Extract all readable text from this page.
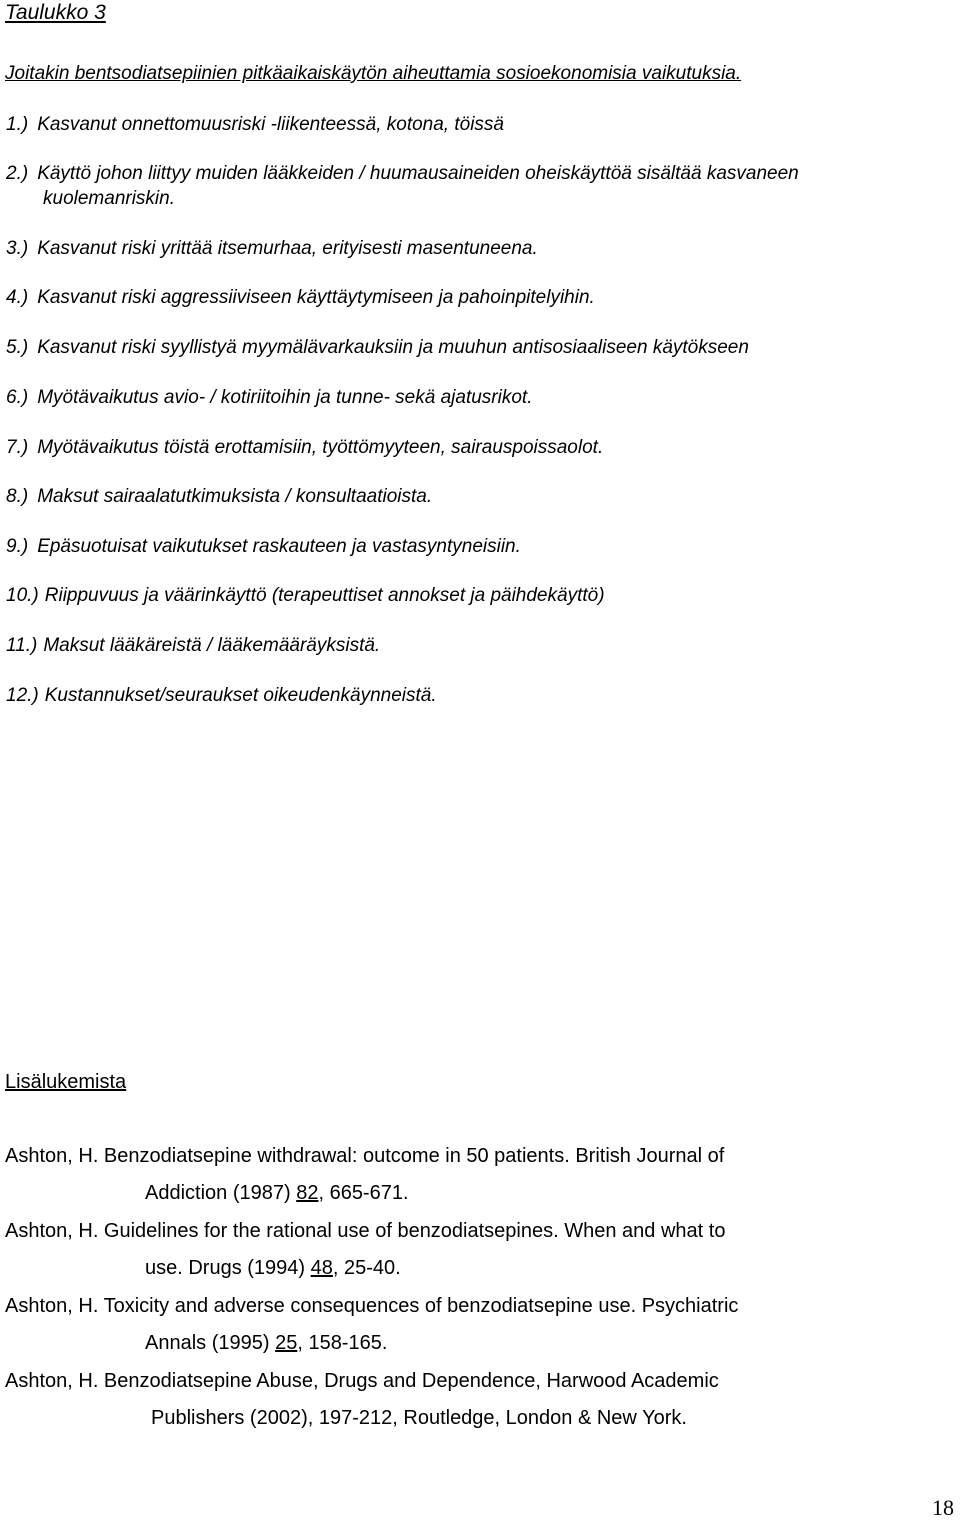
Taulukko 3
Joitakin bentsodiatsepiinien pitkäaikaiskäytön aiheuttamia sosioekonomisia vaikutuksia.
1.) Kasvanut onnettomuusriski -liikenteessä, kotona, töissä
2.) Käyttö johon liittyy muiden lääkkeiden / huumausaineiden oheiskäyttöä sisältää kasvaneen
kuolemanriskin.
3.) Kasvanut riski yrittää itsemurhaa, erityisesti masentuneena.
4.) Kasvanut riski aggressiiviseen käyttäytymiseen ja pahoinpitelyihin.
5.) Kasvanut riski syyllistyä myymälävarkauksiin ja muuhun antisosiaaliseen käytökseen
6.) Myötävaikutus avio- / kotiriitoihin ja tunne- sekä ajatusrikot.
7.) Myötävaikutus töistä erottamisiin, työttömyyteen, sairauspoissaolot.
8.) Maksut sairaalatutkimuksista / konsultaatioista.
9.) Epäsuotuisat vaikutukset raskauteen ja vastasyntyneisiin.
10.) Riippuvuus ja väärinkäyttö (terapeuttiset annokset ja päihdekäyttö)
11.) Maksut lääkäreistä / lääkemääräyksistä.
12.) Kustannukset/seuraukset oikeudenkäynneistä.
Lisälukemista
Ashton, H. Benzodiatsepine withdrawal: outcome in 50 patients. British Journal of
Addiction (1987) 82, 665-671.
Ashton, H. Guidelines for the rational use of benzodiatsepines. When and what to
use. Drugs (1994) 48, 25-40.
Ashton, H. Toxicity and adverse consequences of benzodiatsepine use. Psychiatric
Annals (1995) 25, 158-165.
Ashton, H. Benzodiatsepine Abuse, Drugs and Dependence, Harwood Academic
Publishers (2002), 197-212, Routledge, London & New York.
18
